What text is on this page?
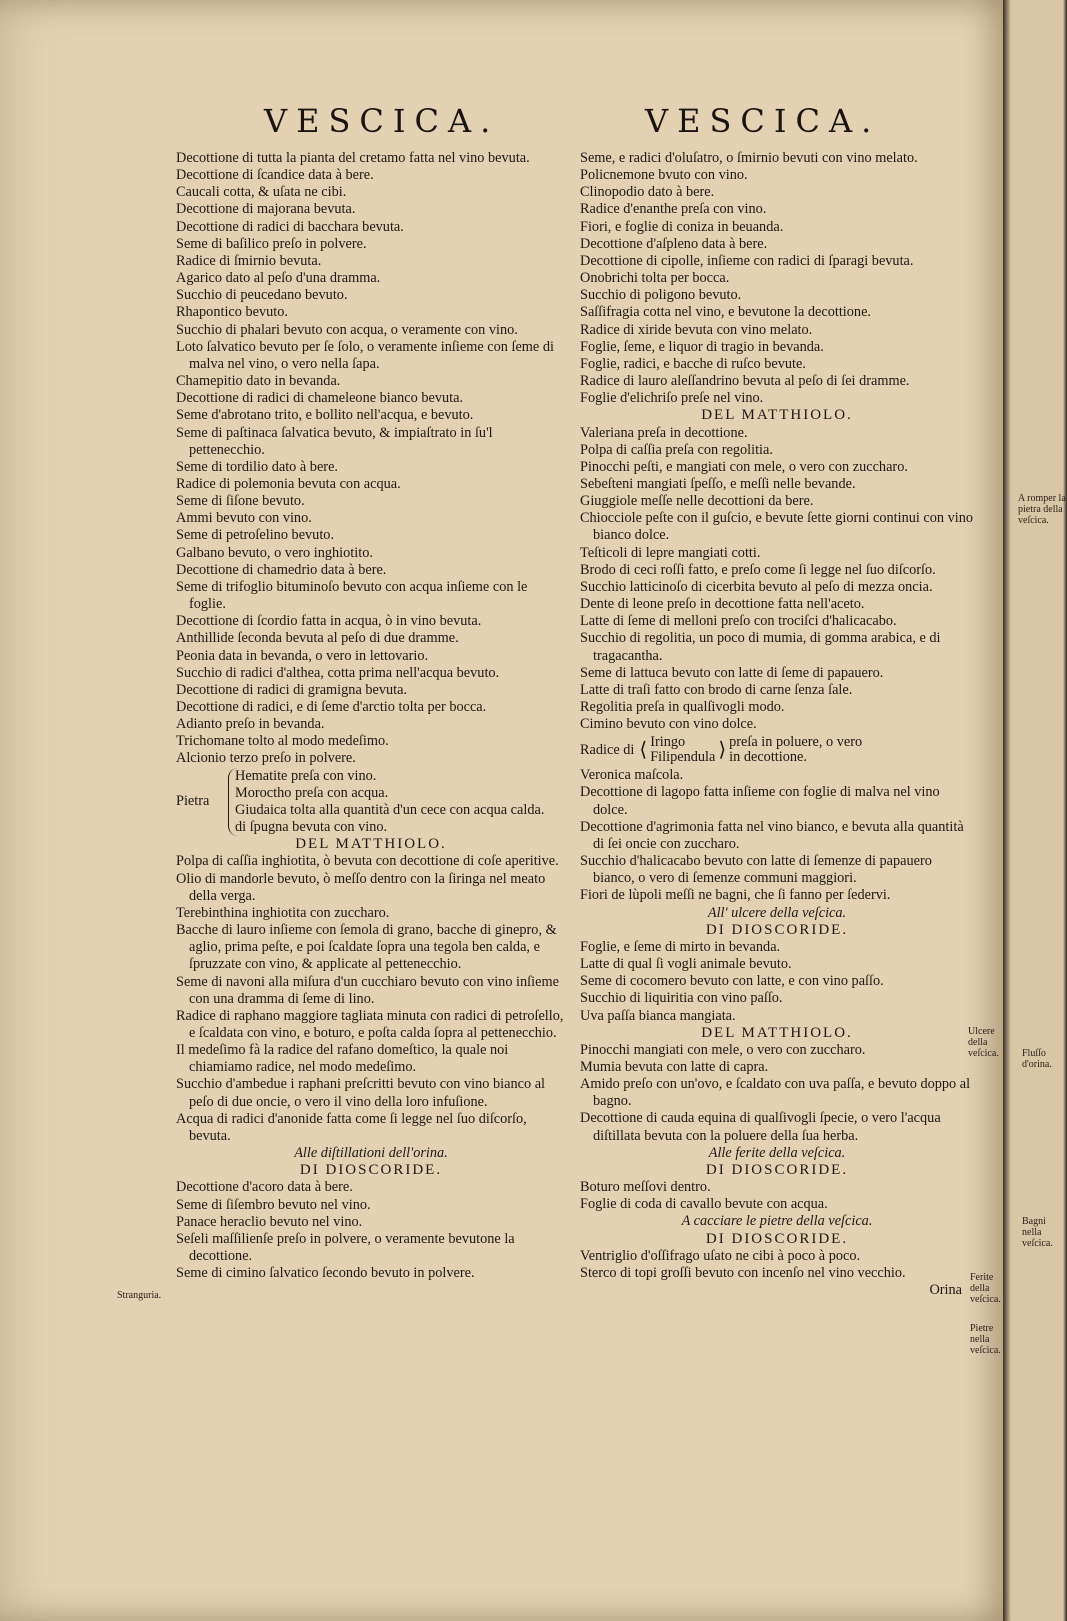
VESCICA.	VESCICA.

Decottione di tutta la pianta del cretamo fatta nel vino bevuta.

Decottione di ſcandice data à bere.

Caucali cotta, & uſata ne cibi.

Decottione di majorana bevuta.

Decottione di radici di bacchara bevuta.

Seme di baſilico preſo in polvere.

Radice di ſmirnio bevuta.

Agarico dato al peſo d'una dramma.

Succhio di peucedano bevuto.

Rhapontico bevuto.

Succhio di phalari bevuto con acqua, o veramente con vino.

Loto ſalvatico bevuto per ſe ſolo, o veramente inſieme con ſeme di malva nel vino, o vero nella ſapa.

Chamepitio dato in bevanda.

Decottione di radici di chameleone bianco bevuta.

Seme d'abrotano trito, e bollito nell'acqua, e bevuto.

Seme di paſtinaca ſalvatica bevuto, & impiaſtrato in ſu'l pettenecchio.

Seme di tordilio dato à bere.

Radice di polemonia bevuta con acqua.

Seme di ſiſone bevuto.

Ammi bevuto con vino.

Seme di petroſelino bevuto.

Galbano bevuto, o vero inghiotito.

Decottione di chamedrio data à bere.

Seme di trifoglio bituminoſo bevuto con acqua inſieme con le foglie.

Decottione di ſcordio fatta in acqua, ò in vino bevuta.

Anthillide ſeconda bevuta al peſo di due dramme.

Peonia data in bevanda, o vero in lettovario.

Succhio di radici d'althea, cotta prima nell'acqua bevuto.

Decottione di radici di gramigna bevuta.

Decottione di radici, e di ſeme d'arctio tolta per bocca.

Adianto preſo in bevanda.

Trichomane tolto al modo medeſimo.

Alcionio terzo preſo in polvere.

Pietra
Hematite preſa con vino.
Morocthо preſa con acqua.
Giudaica tolta alla quantità d'un cece con acqua calda.
di ſpugna bevuta con vino.

DEL MATTHIOLO.

Polpa di caſſia inghiotita, ò bevuta con decottione di coſe aperitive.

Olio di mandorle bevuto, ò meſſo dentro con la ſiringa nel meato della verga.

Terebinthina inghiotita con zuccharo.

Bacche di lauro inſieme con ſemola di grano, bacche di ginepro, & aglio, prima peſte, e poi ſcaldate ſopra una tegola ben calda, e ſpruzzate con vino, & applicate al pettenecchio.

Seme di navoni alla miſura d'un cucchiaro bevuto con vino inſieme con una dramma di ſeme di lino.

Radice di raphano maggiore tagliata minuta con radici di petroſello, e ſcaldata con vino, e boturo, e poſta calda ſopra al pettenecchio.

Il medeſimo fà la radice del rafano domeſtico, la quale noi chiamiamo radice, nel modo medeſimo.

Succhio d'ambedue i raphani preſcritti bevuto con vino bianco al peſo di due oncie, o vero il vino della loro infuſione.

Acqua di radici d'anonide fatta come ſi legge nel ſuo diſcorſo, bevuta.

Alle diſtillationi dell'orina.

DI DIOSCORIDE.

Decottione d'acoro data à bere.

Seme di ſiſembro bevuto nel vino.

Panace heraclio bevuto nel vino.

Seſeli maſſilienſe preſo in polvere, o veramente bevutone la decottione.

Seme di cimino ſalvatico ſecondo bevuto in polvere.

Stranguria.

Seme, e radici d'oluſatro, o ſmirnio bevuti con vino melato.

Policnemone bvuto con vino.

Clinopodio dato à bere.

Radice d'enanthe preſa con vino.

Fiori, e foglie di coniza in beuanda.

Decottione d'aſpleno data à bere.

Decottione di cipolle, inſieme con radici di ſparagi bevuta.

Onobrichi tolta per bocca.

Succhio di poligono bevuto.

Saſſifragia cotta nel vino, e bevutone la decottione.

Radice di xiride bevuta con vino melato.

Foglie, ſeme, e liquor di tragio in bevanda.

Foglie, radici, e bacche di ruſco bevute.

Radice di lauro aleſſandrino bevuta al peſo di ſei dramme.

Foglie d'elichriſo preſe nel vino.

DEL MATTHIOLO.

Valeriana preſa in decottione.

Polpa di caſſia preſa con regolitia.

Pinocchi peſti, e mangiati con mele, o vero con zuccharo.

Sebeſteni mangiati ſpeſſo, e meſſi nelle bevande.

Giuggiole meſſe nelle decottioni da bere.

Chiocciole peſte con il guſcio, e bevute ſette giorni continui con vino bianco dolce.

Teſticoli di lepre mangiati cotti.

Brodo di ceci roſſi fatto, e preſo come ſi legge nel ſuo diſcorſo.

Succhio latticinoſo di cicerbita bevuto al peſo di mezza oncia.

Dente di leone preſo in decottione fatta nell'aceto.

Latte di ſeme di melloni preſo con trociſci d'halicacabo.

Succhio di regolitia, un poco di mumia, di gomma arabica, e di tragacantha.

Seme di lattuca bevuto con latte di ſeme di papauero.

Latte di traſi fatto con brodo di carne ſenza ſale.

Regolitia preſa in qualſivogli modo.

Cimino bevuto con vino dolce.

Radice di ⟨ Iringo
Filipendula ⟩ preſa in poluere, o vero
in decottione.

Veronica maſcola.

Decottione di lagopo fatta inſieme con foglie di malva nel vino dolce.

Decottione d'agrimonia fatta nel vino bianco, e bevuta alla quantità di ſei oncie con zuccharo.

Succhio d'halicacabo bevuto con latte di ſemenze di papauero bianco, o vero di ſemenze communi maggiori.

Fiori de lùpoli meſſi ne bagni, che ſi fanno per ſedervi.

All' ulcere della veſcica.

DI DIOSCORIDE.

Foglie, e ſeme di mirto in bevanda.

Latte di qual ſi vogli animale bevuto.

Seme di cocomero bevuto con latte, e con vino paſſo.

Succhio di liquiritia con vino paſſo.

Uva paſſa bianca mangiata.

DEL MATTHIOLO.

Pinocchi mangiati con mele, o vero con zuccharo.

Mumia bevuta con latte di capra.

Amido preſo con un'ovo, e ſcaldato con uva paſſa, e bevuto doppo al bagno.

Decottione di cauda equina di qualſivogli ſpecie, o vero l'acqua diſtillata bevuta con la poluere della ſua herba.

Alle ferite della veſcica.

DI DIOSCORIDE.

Boturo meſſovi dentro.

Foglie di coda di cavallo bevute con acqua.

A cacciare le pietre della veſcica.

DI DIOSCORIDE.

Ventriglio d'oſſifrago uſato ne cibi à poco à poco.

Sterco di topi groſſi bevuto con incenſo nel vino vecchio.

Orina

A romper la pietra della veſcica.
Ulcere della veſcica.	Fluſſo d'orina.
Bagni nella veſcica.
Ferite della veſcica.
Pietre nella veſcica.
